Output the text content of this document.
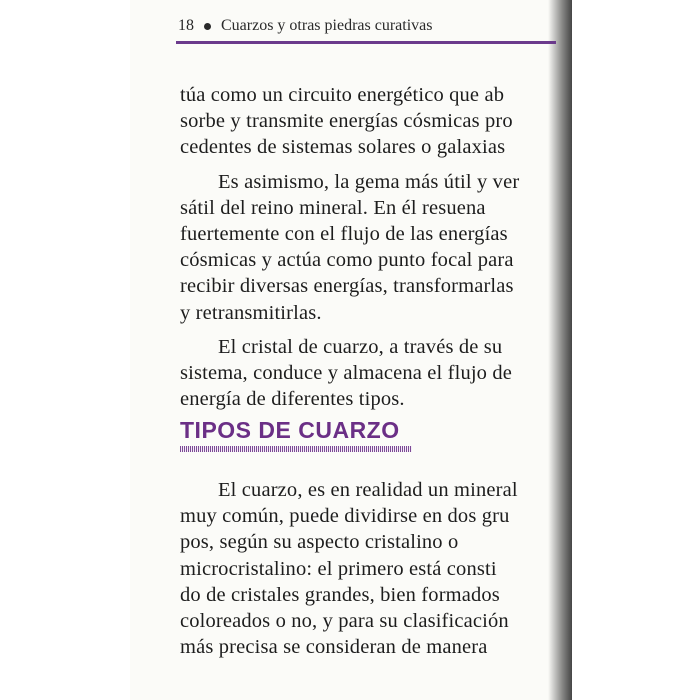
18 Cuarzos y otras piedras curativas
túa como un circuito energético que ab
sorbe y transmite energías cósmicas pro
cedentes de sistemas solares o galaxias
Es asimismo, la gema más útil y ver
sátil del reino mineral. En él resuena
fuertemente con el flujo de las energías
cósmicas y actúa como punto focal para
recibir diversas energías, transformarlas
y retransmitirlas.
El cristal de cuarzo, a través de su
sistema, conduce y almacena el flujo de
energía de diferentes tipos.
TIPOS DE CUARZO
El cuarzo, es en realidad un mineral
muy común, puede dividirse en dos gru
pos, según su aspecto cristalino o
microcristalino: el primero está consti
do de cristales grandes, bien formados
coloreados o no, y para su clasificación
más precisa se consideran de manera
